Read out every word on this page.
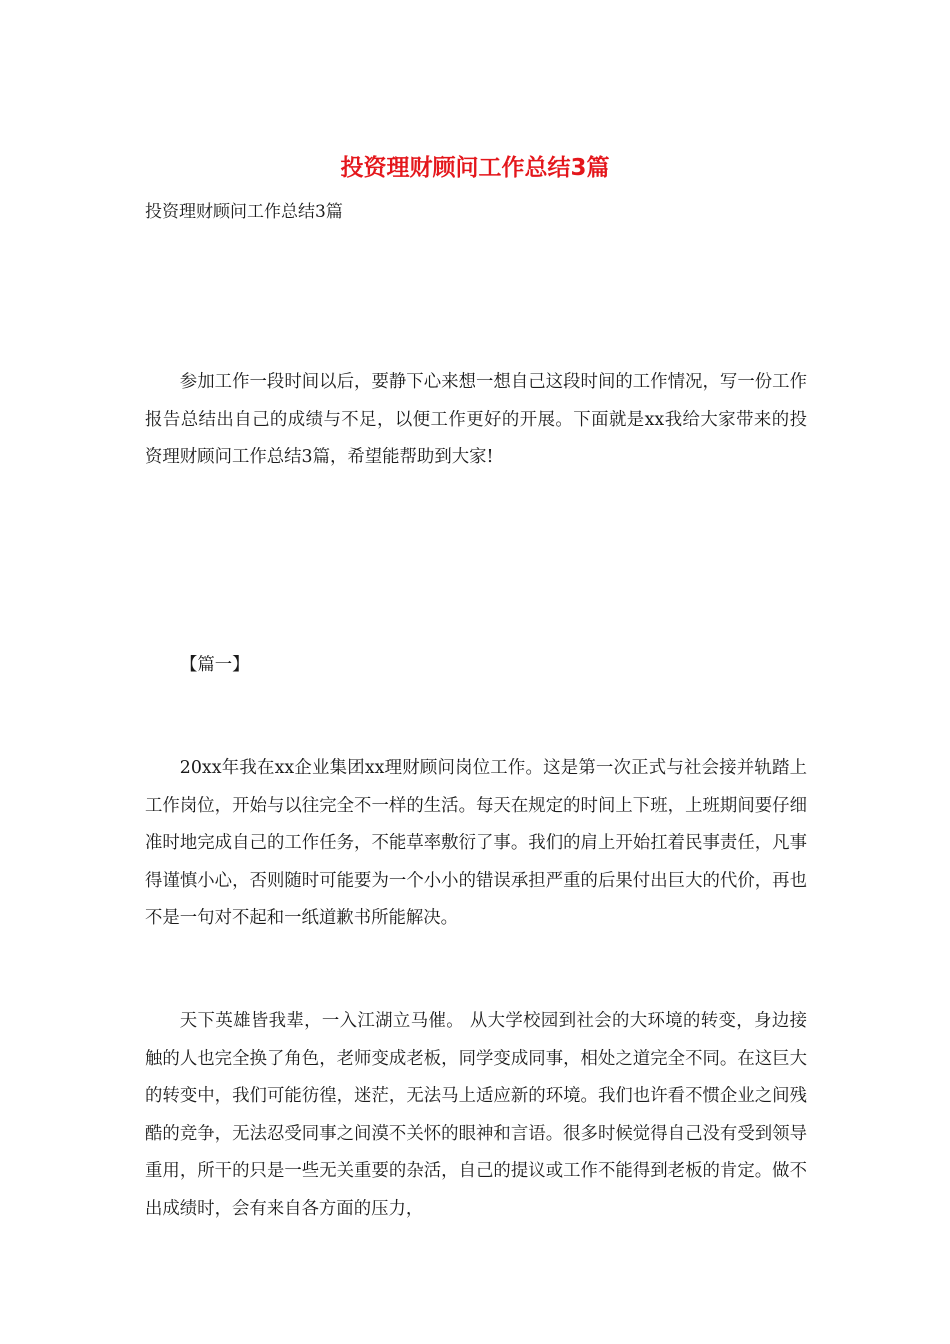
投资理财顾问工作总结3篇

投资理财顾问工作总结3篇

参加工作一段时间以后，要静下心来想一想自己这段时间的工作情况，写一份工作报告总结出自己的成绩与不足，以便工作更好的开展。下面就是xx我给大家带来的投资理财顾问工作总结3篇，希望能帮助到大家!

【篇一】

20xx年我在xx企业集团xx理财顾问岗位工作。这是第一次正式与社会接并轨踏上工作岗位，开始与以往完全不一样的生活。每天在规定的时间上下班，上班期间要仔细准时地完成自己的工作任务，不能草率敷衍了事。我们的肩上开始扛着民事责任，凡事得谨慎小心，否则随时可能要为一个小小的错误承担严重的后果付出巨大的代价，再也不是一句对不起和一纸道歉书所能解决。

天下英雄皆我辈，一入江湖立马催。 从大学校园到社会的大环境的转变，身边接触的人也完全换了角色，老师变成老板，同学变成同事，相处之道完全不同。在这巨大的转变中，我们可能彷徨，迷茫，无法马上适应新的环境。我们也许看不惯企业之间残酷的竞争，无法忍受同事之间漠不关怀的眼神和言语。很多时候觉得自己没有受到领导重用，所干的只是一些无关重要的杂活，自己的提议或工作不能得到老板的肯定。做不出成绩时，会有来自各方面的压力，
